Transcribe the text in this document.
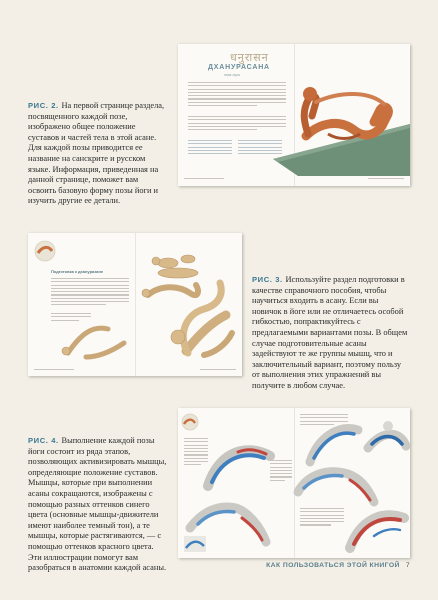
धनुरासन
ДХАНУРАСАНА
поза лука
РИС. 2. На первой странице раздела, посвященного каждой позе, изображено общее положение суставов и частей тела в этой асане. Для каждой позы приводится ее название на санскрите и русском языке. Информация, приведенная на данной странице, поможет вам освоить базовую форму позы йоги и изучить другие ее детали.
Подготовка к дхануразане
РИС. 3. Используйте раздел подготовки в качестве справочного пособия, чтобы научиться входить в асану. Если вы новичок в йоге или не отличаетесь особой гибкостью, попрактикуйтесь с предлагаемыми вариантами позы. В общем случае подготовительные асаны задействуют те же группы мышц, что и заключительный вариант, поэтому пользу от выполнения этих упражнений вы получите в любом случае.
РИС. 4. Выполнение каждой позы йоги состоит из ряда этапов, позволяющих активизировать мышцы, определяющие положение суставов. Мышцы, которые при выполнении асаны сокращаются, изображены с помощью разных оттенков синего цвета (основные мышцы-движители имеют наиболее темный тон), а те мышцы, которые растягиваются, — с помощью оттенков красного цвета. Эти иллюстрации помогут вам разобраться в анатомии каждой асаны.	КАК ПОЛЬЗОВАТЬСЯ ЭТОЙ КНИГОЙ 7
